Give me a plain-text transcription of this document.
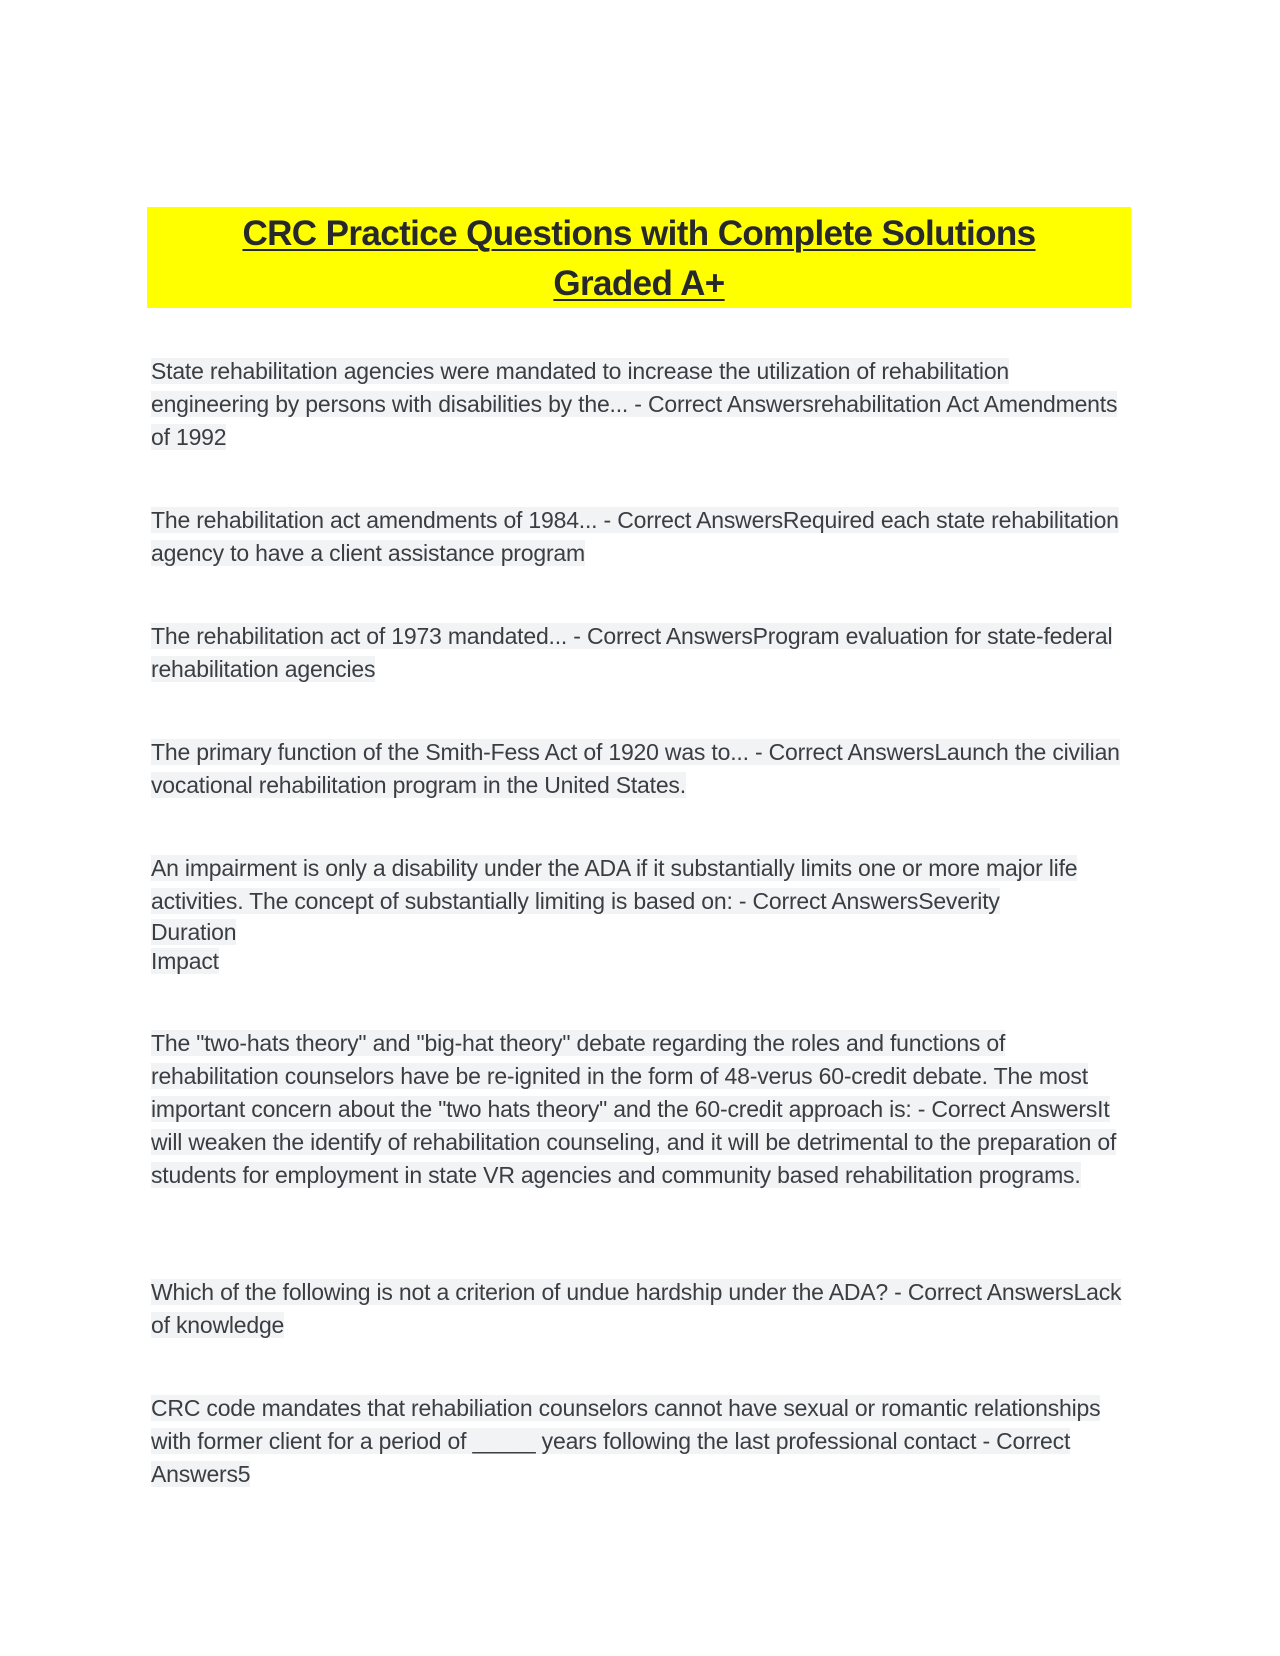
CRC Practice Questions with Complete Solutions
Graded A+
State rehabilitation agencies were mandated to increase the utilization of rehabilitation engineering by persons with disabilities by the... - Correct Answersrehabilitation Act Amendments of 1992
The rehabilitation act amendments of 1984... - Correct AnswersRequired each state rehabilitation agency to have a client assistance program
The rehabilitation act of 1973 mandated... - Correct AnswersProgram evaluation for state-federal rehabilitation agencies
The primary function of the Smith-Fess Act of 1920 was to... - Correct AnswersLaunch the civilian vocational rehabilitation program in the United States.
An impairment is only a disability under the ADA if it substantially limits one or more major life activities. The concept of substantially limiting is based on: - Correct AnswersSeverity
Duration
Impact
The "two-hats theory" and "big-hat theory" debate regarding the roles and functions of rehabilitation counselors have be re-ignited in the form of 48-verus 60-credit debate. The most important concern about the "two hats theory" and the 60-credit approach is: - Correct AnswersIt will weaken the identify of rehabilitation counseling, and it will be detrimental to the preparation of students for employment in state VR agencies and community based rehabilitation programs.
Which of the following is not a criterion of undue hardship under the ADA? - Correct AnswersLack of knowledge
CRC code mandates that rehabiliation counselors cannot have sexual or romantic relationships with former client for a period of _____ years following the last professional contact - Correct Answers5
